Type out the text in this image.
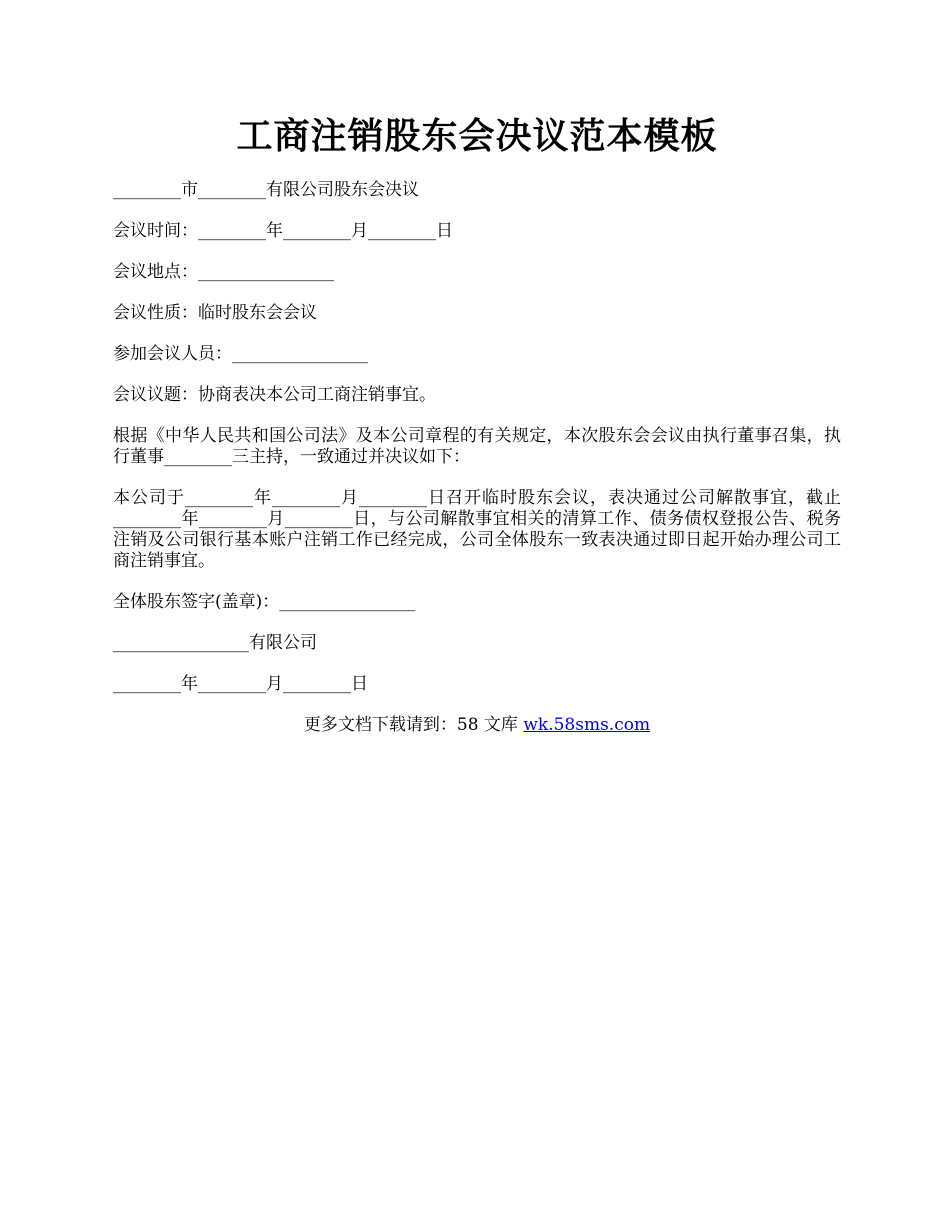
工商注销股东会决议范本模板

________市________有限公司股东会决议

会议时间：________年________月________日

会议地点：________________

会议性质：临时股东会会议

参加会议人员：________________

会议议题：协商表决本公司工商注销事宜。

根据《中华人民共和国公司法》及本公司章程的有关规定，本次股东会会议由执行董事召集，执行董事________三主持，一致通过并决议如下：

本公司于________年________月________日召开临时股东会议，表决通过公司解散事宜，截止________年________月________日，与公司解散事宜相关的清算工作、债务债权登报公告、税务注销及公司银行基本账户注销工作已经完成，公司全体股东一致表决通过即日起开始办理公司工商注销事宜。

全体股东签字(盖章)：________________

________________有限公司

________年________月________日

更多文档下载请到：58 文库 wk.58sms.com
